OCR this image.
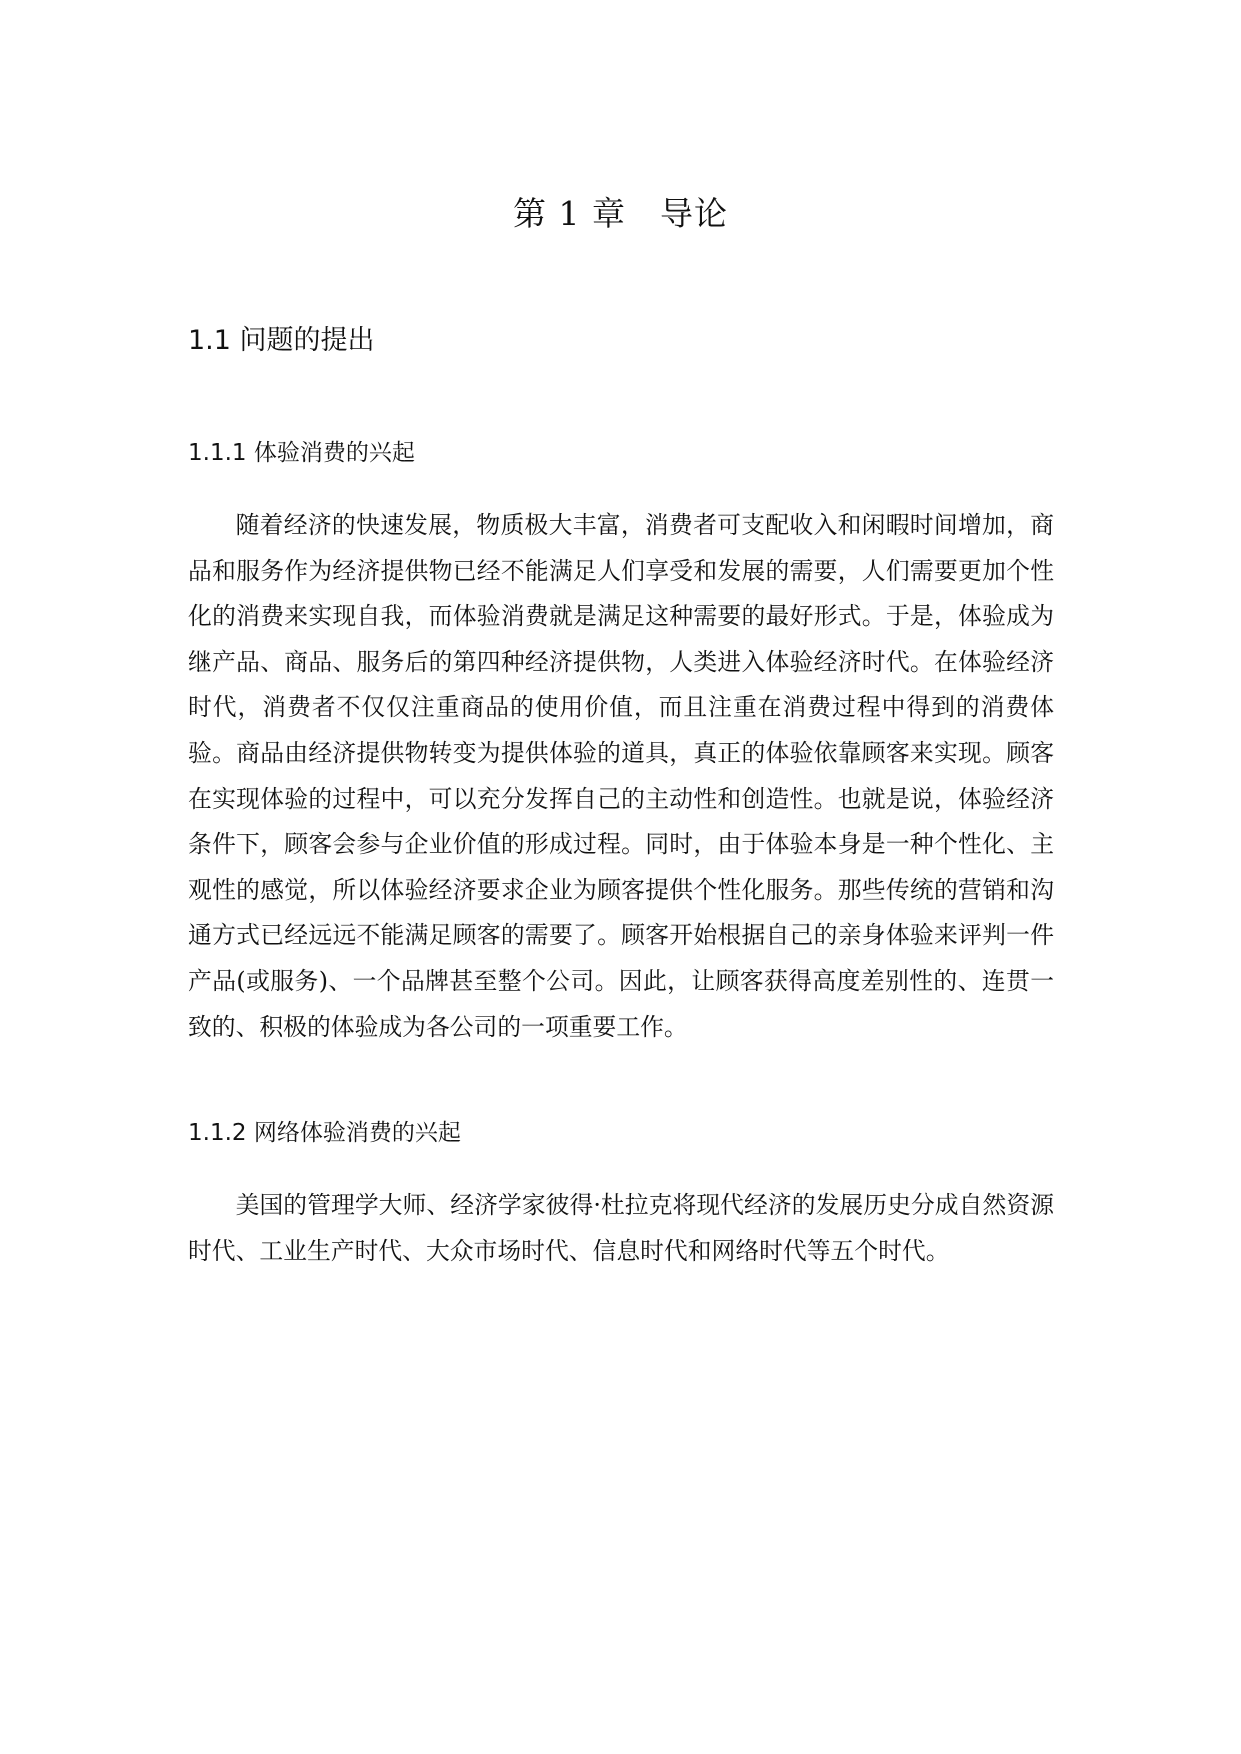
第 1 章　导论
1.1 问题的提出
1.1.1 体验消费的兴起

随着经济的快速发展，物质极大丰富，消费者可支配收入和闲暇时间增加，商品和服务作为经济提供物已经不能满足人们享受和发展的需要，人们需要更加个性化的消费来实现自我，而体验消费就是满足这种需要的最好形式。于是，体验成为继产品、商品、服务后的第四种经济提供物，人类进入体验经济时代。在体验经济时代，消费者不仅仅注重商品的使用价值，而且注重在消费过程中得到的消费体验。商品由经济提供物转变为提供体验的道具，真正的体验依靠顾客来实现。顾客在实现体验的过程中，可以充分发挥自己的主动性和创造性。也就是说，体验经济条件下，顾客会参与企业价值的形成过程。同时，由于体验本身是一种个性化、主观性的感觉，所以体验经济要求企业为顾客提供个性化服务。那些传统的营销和沟通方式已经远远不能满足顾客的需要了。顾客开始根据自己的亲身体验来评判一件产品(或服务)、一个品牌甚至整个公司。因此，让顾客获得高度差别性的、连贯一致的、积极的体验成为各公司的一项重要工作。

1.1.2 网络体验消费的兴起

美国的管理学大师、经济学家彼得·杜拉克将现代经济的发展历史分成自然资源时代、工业生产时代、大众市场时代、信息时代和网络时代等五个时代。
